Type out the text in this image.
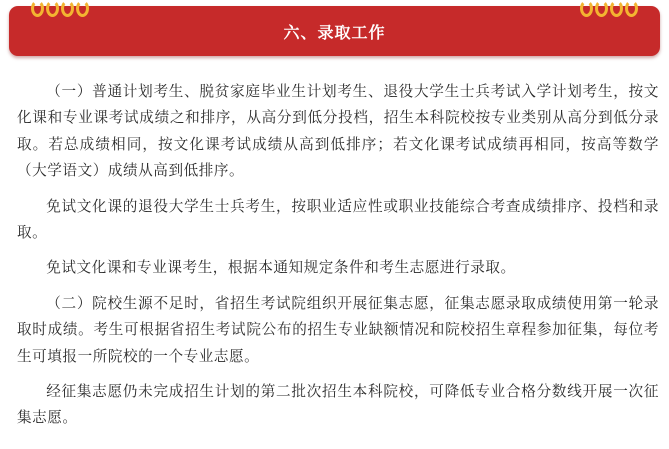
六、录取工作

（一）普通计划考生、脱贫家庭毕业生计划考生、退役大学生士兵考试入学计划考生，按文化课和专业课考试成绩之和排序，从高分到低分投档，招生本科院校按专业类别从高分到低分录取。若总成绩相同，按文化课考试成绩从高到低排序；若文化课考试成绩再相同，按高等数学（大学语文）成绩从高到低排序。

免试文化课的退役大学生士兵考生，按职业适应性或职业技能综合考查成绩排序、投档和录取。

免试文化课和专业课考生，根据本通知规定条件和考生志愿进行录取。

（二）院校生源不足时，省招生考试院组织开展征集志愿，征集志愿录取成绩使用第一轮录取时成绩。考生可根据省招生考试院公布的招生专业缺额情况和院校招生章程参加征集，每位考生可填报一所院校的一个专业志愿。

经征集志愿仍未完成招生计划的第二批次招生本科院校，可降低专业合格分数线开展一次征集志愿。
